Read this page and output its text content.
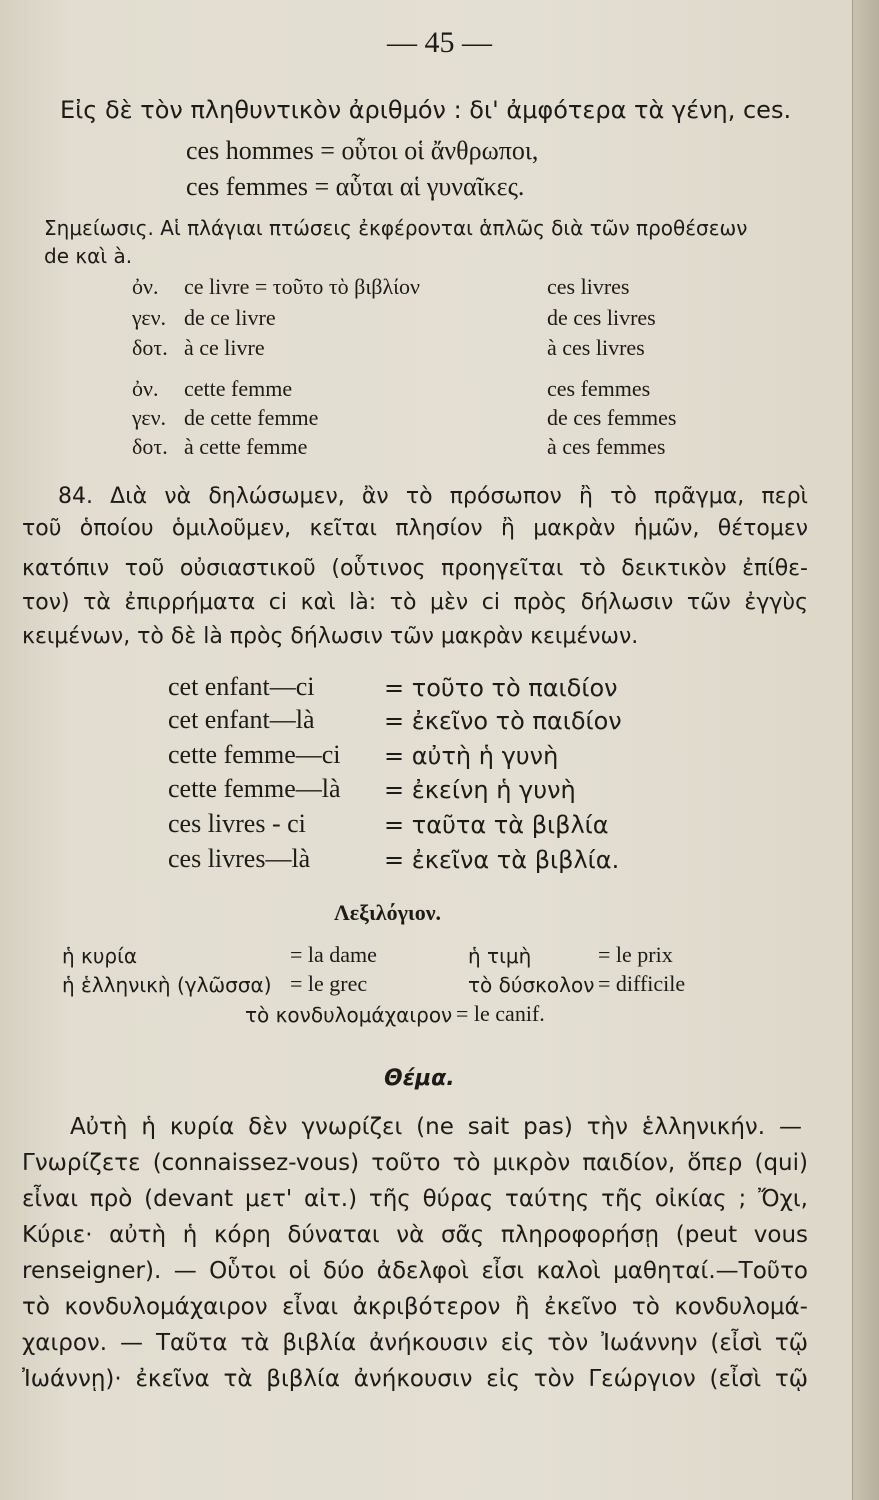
— 45 —
Εἰς δὲ τὸν πληθυντικὸν ἀριθμόν : δι' ἀμφότερα τὰ γένη, ces.
ces hommes = οὗτοι οἱ ἄνθρωποι,
ces femmes = αὗται αἱ γυναῖκες.
Σημείωσις. Αἱ πλάγιαι πτώσεις ἐκφέρονται ἁπλῶς διὰ τῶν προθέσεων
de καὶ à.
ὀν. ce livre = τοῦτο τὸ βιβλίον	ces livres
γεν. de ce livre	de ces livres
δοτ. à ce livre	à ces livres
ὀν. cette femme	ces femmes
γεν. de cette femme	de ces femmes
δοτ. à cette femme	à ces femmes
84. Διὰ νὰ δηλώσωμεν, ἂν τὸ πρόσωπον ἢ τὸ πρᾶγμα, περὶ
τοῦ ὁποίου ὁμιλοῦμεν, κεῖται πλησίον ἢ μακρὰν ἡμῶν, θέτομεν
κατόπιν τοῦ οὐσιαστικοῦ (οὗτινος προηγεῖται τὸ δεικτικὸν ἐπίθε-
τον) τὰ ἐπιρρήματα ci καὶ là: τὸ μὲν ci πρὸς δήλωσιν τῶν ἐγγὺς
κειμένων, τὸ δὲ là πρὸς δήλωσιν τῶν μακρὰν κειμένων.
cet enfant—ci	= τοῦτο τὸ παιδίον
cet enfant—là	= ἐκεῖνο τὸ παιδίον
cette femme—ci = αὐτὴ ἡ γυνὴ
cette femme—là = ἐκείνη ἡ γυνὴ
ces livres - ci	= ταῦτα τὰ βιβλία
ces livres—là	= ἐκεῖνα τὰ βιβλία.
Λεξιλόγιον.
ἡ κυρία	= la dame	ἡ τιμὴ	= le prix
ἡ ἑλληνικὴ (γλῶσσα) = le grec	τὸ δύσκολον = difficile
τὸ κονδυλομάχαιρον = le canif.
Θέμα.
Αὐτὴ ἡ κυρία δὲν γνωρίζει (ne sait pas) τὴν ἑλληνικήν. —
Γνωρίζετε (connaissez-vous) τοῦτο τὸ μικρὸν παιδίον, ὅπερ (qui)
εἶναι πρὸ (devant μετ' αἰτ.) τῆς θύρας ταύτης τῆς οἰκίας ; Ὄχι,
Κύριε· αὐτὴ ἡ κόρη δύναται νὰ σᾶς πληροφορήσῃ (peut vous
renseigner). — Οὗτοι οἱ δύο ἀδελφοὶ εἶσι καλοὶ μαθηταί.—Τοῦτο
τὸ κονδυλομάχαιρον εἶναι ἀκριβότερον ἢ ἐκεῖνο τὸ κονδυλομά-
χαιρον. — Ταῦτα τὰ βιβλία ἀνήκουσιν εἰς τὸν Ἰωάννην (εἶσὶ τῷ
Ἰωάννῃ)· ἐκεῖνα τὰ βιβλία ἀνήκουσιν εἰς τὸν Γεώργιον (εἶσὶ τῷ
